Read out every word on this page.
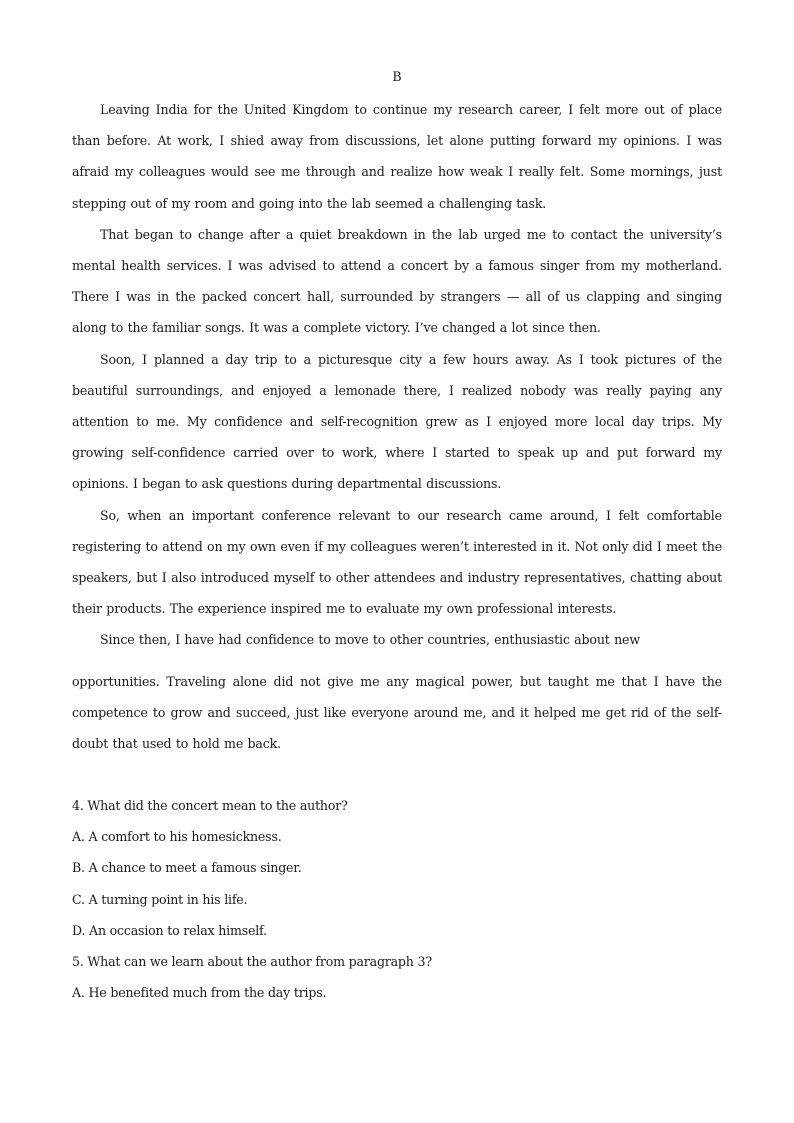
B

Leaving India for the United Kingdom to continue my research career, I felt more out of place than before. At work, I shied away from discussions, let alone putting forward my opinions. I was afraid my colleagues would see me through and realize how weak I really felt. Some mornings, just stepping out of my room and going into the lab seemed a challenging task.

That began to change after a quiet breakdown in the lab urged me to contact the university’s mental health services. I was advised to attend a concert by a famous singer from my motherland. There I was in the packed concert hall, surrounded by strangers — all of us clapping and singing along to the familiar songs. It was a complete victory. I’ve changed a lot since then.

Soon, I planned a day trip to a picturesque city a few hours away. As I took pictures of the beautiful surroundings, and enjoyed a lemonade there, I realized nobody was really paying any attention to me. My confidence and self-recognition grew as I enjoyed more local day trips. My growing self-confidence carried over to work, where I started to speak up and put forward my opinions. I began to ask questions during departmental discussions.

So, when an important conference relevant to our research came around, I felt comfortable registering to attend on my own even if my colleagues weren’t interested in it. Not only did I meet the speakers, but I also introduced myself to other attendees and industry representatives, chatting about their products. The experience inspired me to evaluate my own professional interests.

Since then, I have had confidence to move to other countries, enthusiastic about new
opportunities. Traveling alone did not give me any magical power, but taught me that I have the competence to grow and succeed, just like everyone around me, and it helped me get rid of the self-doubt that used to hold me back.

4. What did the concert mean to the author?

A. A comfort to his homesickness.

B. A chance to meet a famous singer.

C. A turning point in his life.

D. An occasion to relax himself.

5. What can we learn about the author from paragraph 3?

A. He benefited much from the day trips.
